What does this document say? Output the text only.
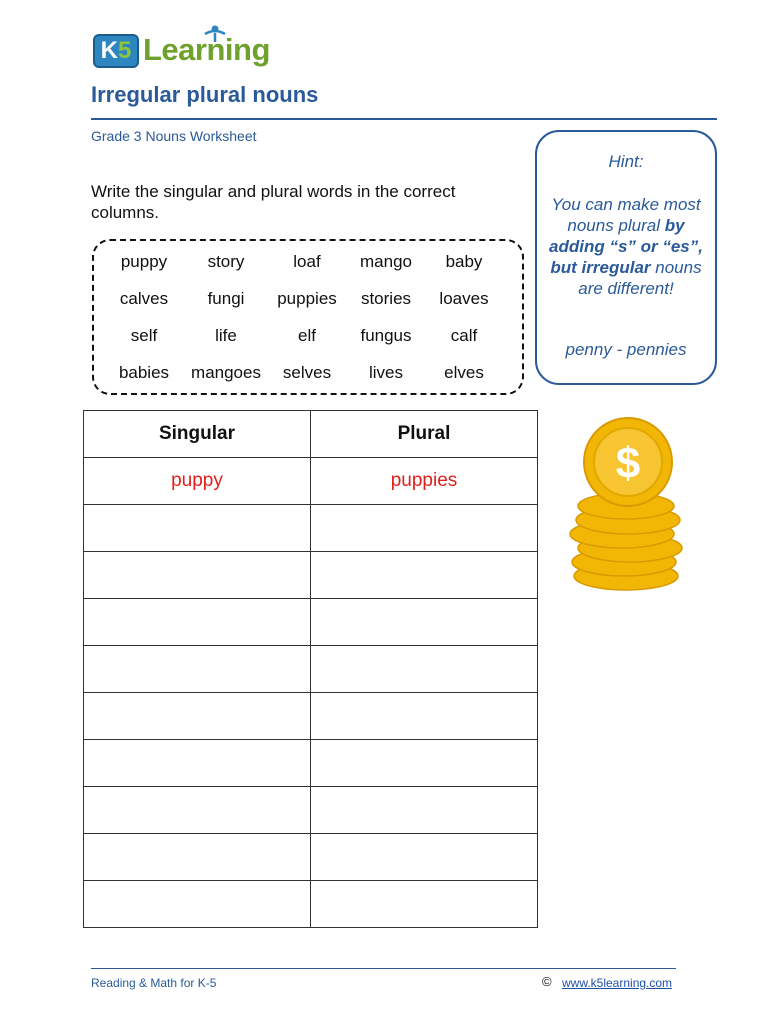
K5 Learning
Irregular plural nouns
Grade 3 Nouns Worksheet
Write the singular and plural words in the correct columns.
puppy	story	loaf	mango	baby
calves	fungi	puppies	stories	loaves
self	life	elf	fungus	calf
babies	mangoes	selves	lives	elves
Hint:
You can make most nouns plural by adding “s” or “es”, but irregular nouns are different!
penny - pennies
Singular	Plural
puppy	puppies

		$
Reading & Math for K-5	© www.k5learning.com
